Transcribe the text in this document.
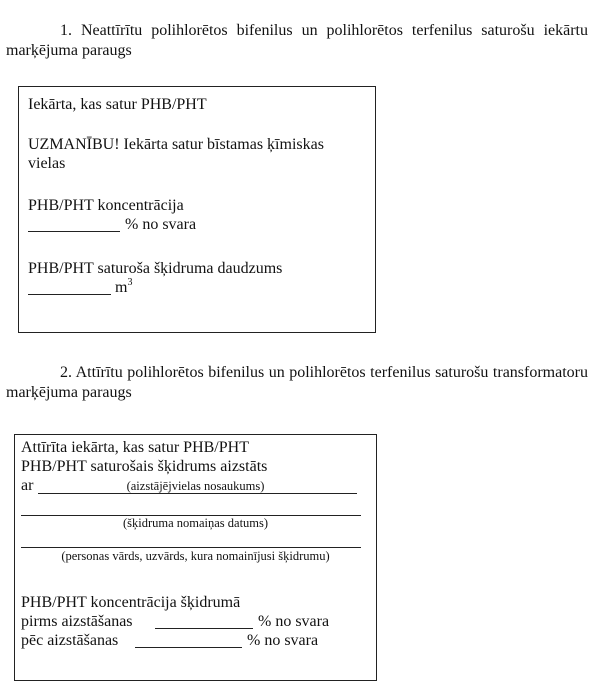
1. Neattīrītu polihlorētos bifenilus un polihlorētos terfenilus saturošu iekārtu marķējuma paraugs
Iekārta, kas satur PHB/PHT
UZMANĪBU! Iekārta satur bīstamas ķīmiskas
vielas
PHB/PHT koncentrācija
% no svara
PHB/PHT saturoša šķidruma daudzums
$m^3$
2. Attīrītu polihlorētos bifenilus un polihlorētos terfenilus saturošu transformatoru marķējuma paraugs
Attīrīta iekārta, kas satur PHB/PHT
PHB/PHT saturošais šķidrums aizstāts
ar	(aizstājējvielas nosaukums)
(šķidruma nomaiņas datums)
(personas vārds, uzvārds, kura nomainījusi šķidrumu)
PHB/PHT koncentrācija šķidrumā
pirms aizstāšanas	% no svara
pēc aizstāšanas	% no svara
